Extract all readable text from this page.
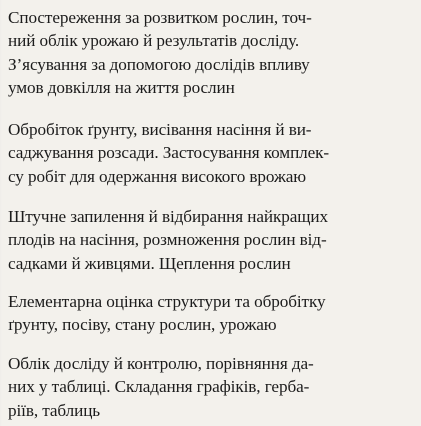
Спостереження за розвитком рослин, точ-
ний облік урожаю й результатів досліду.
З’ясування за допомогою дослідів впливу
умов довкілля на життя рослин
Обробіток ґрунту, висівання насіння й ви-
саджування розсади. Застосування комплек-
су робіт для одержання високого врожаю
Штучне запилення й відбирання найкращих
плодів на насіння, розмноження рослин від-
садками й живцями. Щеплення рослин
Елементарна оцінка структури та обробітку
ґрунту, посіву, стану рослин, урожаю
Облік досліду й контролю, порівняння да-
них у таблиці. Складання графіків, герба-
ріїв, таблиць
